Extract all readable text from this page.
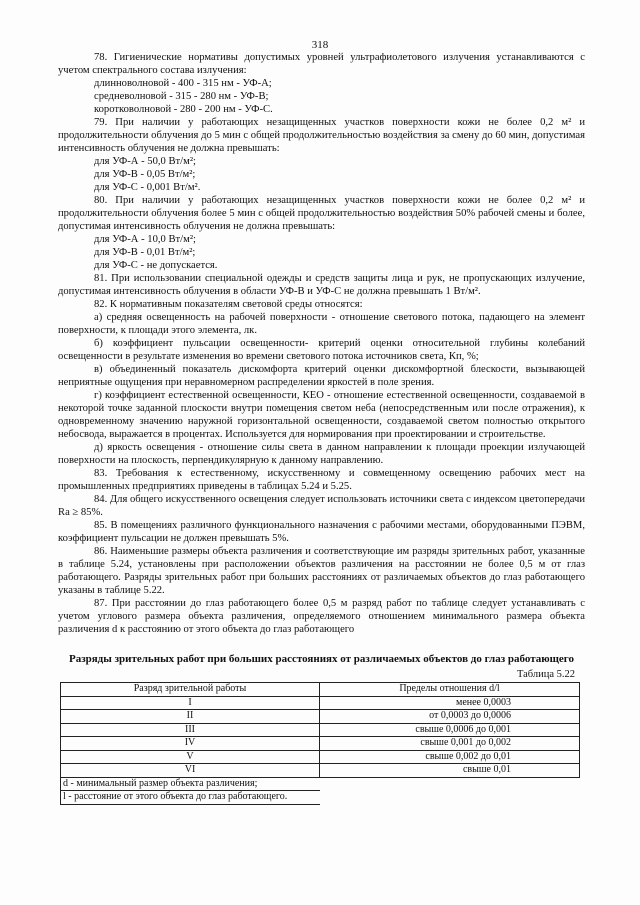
318

78. Гигиенические нормативы допустимых уровней ультрафиолетового излучения устанавливаются с учетом спектрального состава излучения:

длинноволновой - 400 - 315 нм - УФ-А;

средневолновой - 315 - 280 нм - УФ-В;

коротковолновой - 280 - 200 нм - УФ-С.

79. При наличии у работающих незащищенных участков поверхности кожи не более 0,2 м² и продолжительности облучения до 5 мин с общей продолжительностью воздействия за смену до 60 мин, допустимая интенсивность облучения не должна превышать:

для УФ-А - 50,0 Вт/м²;

для УФ-В - 0,05 Вт/м²;

для УФ-С - 0,001 Вт/м².

80. При наличии у работающих незащищенных участков поверхности кожи не более 0,2 м² и продолжительности облучения более 5 мин с общей продолжительностью воздействия 50% рабочей смены и более, допустимая интенсивность облучения не должна превышать:

для УФ-А - 10,0 Вт/м²;

для УФ-В - 0,01 Вт/м²;

для УФ-С - не допускается.

81. При использовании специальной одежды и средств защиты лица и рук, не пропускающих излучение, допустимая интенсивность облучения в области УФ-В и УФ-С не должна превышать 1 Вт/м².

82. К нормативным показателям световой среды относятся:

а) средняя освещенность на рабочей поверхности - отношение светового потока, падающего на элемент поверхности, к площади этого элемента, лк.

б) коэффициент пульсации освещенности- критерий оценки относительной глубины колебаний освещенности в результате изменения во времени светового потока источников света, Кп, %;

в) объединенный показатель дискомфорта критерий оценки дискомфортной блескости, вызывающей неприятные ощущения при неравномерном распределении яркостей в поле зрения.

г) коэффициент естественной освещенности, КЕО - отношение естественной освещенности, создаваемой в некоторой точке заданной плоскости внутри помещения светом неба (непосредственным или после отражения), к одновременному значению наружной горизонтальной освещенности, создаваемой светом полностью открытого небосвода, выражается в процентах. Используется для нормирования при проектировании и строительстве.

д) яркость освещения - отношение силы света в данном направлении к площади проекции излучающей поверхности на плоскость, перпендикулярную к данному направлению.

83. Требования к естественному, искусственному и совмещенному освещению рабочих мест на промышленных предприятиях приведены в таблицах 5.24 и 5.25.

84. Для общего искусственного освещения следует использовать источники света с индексом цветопередачи Ra ≥ 85%.

85. В помещениях различного функционального назначения с рабочими местами, оборудованными ПЭВМ, коэффициент пульсации не должен превышать 5%.

86. Наименьшие размеры объекта различения и соответствующие им разряды зрительных работ, указанные в таблице 5.24, установлены при расположении объектов различения на расстоянии не более 0,5 м от глаз работающего. Разряды зрительных работ при больших расстояниях от различаемых объектов до глаз работающего указаны в таблице 5.22.

87. При расстоянии до глаз работающего более 0,5 м разряд работ по таблице следует устанавливать с учетом углового размера объекта различения, определяемого отношением минимального размера объекта различения d к расстоянию от этого объекта до глаз работающего

Разряды зрительных работ при больших расстояниях от различаемых объектов до глаз работающего
Таблица 5.22
Разряд зрительной работы	Пределы отношения d/l
I	менее 0,0003
II	от 0,0003 до 0,0006
III	свыше 0,0006 до 0,001
IV	свыше 0,001 до 0,002
V	свыше 0,002 до 0,01
VI	свыше 0,01
d - минимальный размер объекта различения;	
l - расстояние от этого объекта до глаз работающего.	
